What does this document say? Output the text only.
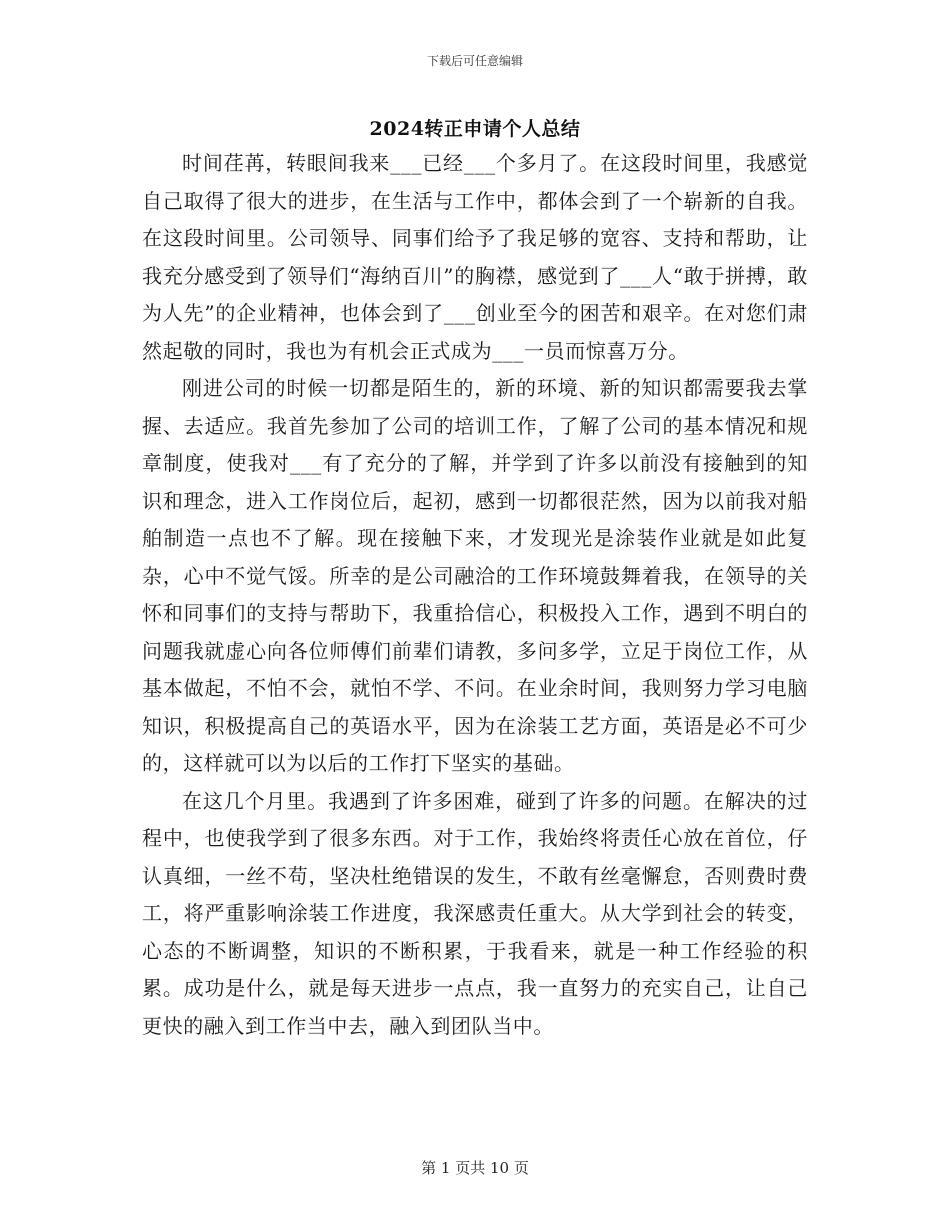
下载后可任意编辑
2024转正申请个人总结

时间荏苒，转眼间我来___已经___个多月了。在这段时间里，我感觉自己取得了很大的进步，在生活与工作中，都体会到了一个崭新的自我。在这段时间里。公司领导、同事们给予了我足够的宽容、支持和帮助，让我充分感受到了领导们“海纳百川”的胸襟，感觉到了___人“敢于拼搏，敢为人先”的企业精神，也体会到了___创业至今的困苦和艰辛。在对您们肃然起敬的同时，我也为有机会正式成为___一员而惊喜万分。

刚进公司的时候一切都是陌生的，新的环境、新的知识都需要我去掌握、去适应。我首先参加了公司的培训工作，了解了公司的基本情况和规章制度，使我对___有了充分的了解，并学到了许多以前没有接触到的知识和理念，进入工作岗位后，起初，感到一切都很茫然，因为以前我对船舶制造一点也不了解。现在接触下来，才发现光是涂装作业就是如此复杂，心中不觉气馁。所幸的是公司融洽的工作环境鼓舞着我，在领导的关怀和同事们的支持与帮助下，我重拾信心，积极投入工作，遇到不明白的问题我就虚心向各位师傅们前辈们请教，多问多学，立足于岗位工作，从基本做起，不怕不会，就怕不学、不问。在业余时间，我则努力学习电脑知识，积极提高自己的英语水平，因为在涂装工艺方面，英语是必不可少的，这样就可以为以后的工作打下坚实的基础。

在这几个月里。我遇到了许多困难，碰到了许多的问题。在解决的过程中，也使我学到了很多东西。对于工作，我始终将责任心放在首位，仔认真细，一丝不苟，坚决杜绝错误的发生，不敢有丝毫懈怠，否则费时费工，将严重影响涂装工作进度，我深感责任重大。从大学到社会的转变，心态的不断调整，知识的不断积累，于我看来，就是一种工作经验的积累。成功是什么，就是每天进步一点点，我一直努力的充实自己，让自己更快的融入到工作当中去，融入到团队当中。

第 1 页共 10 页
